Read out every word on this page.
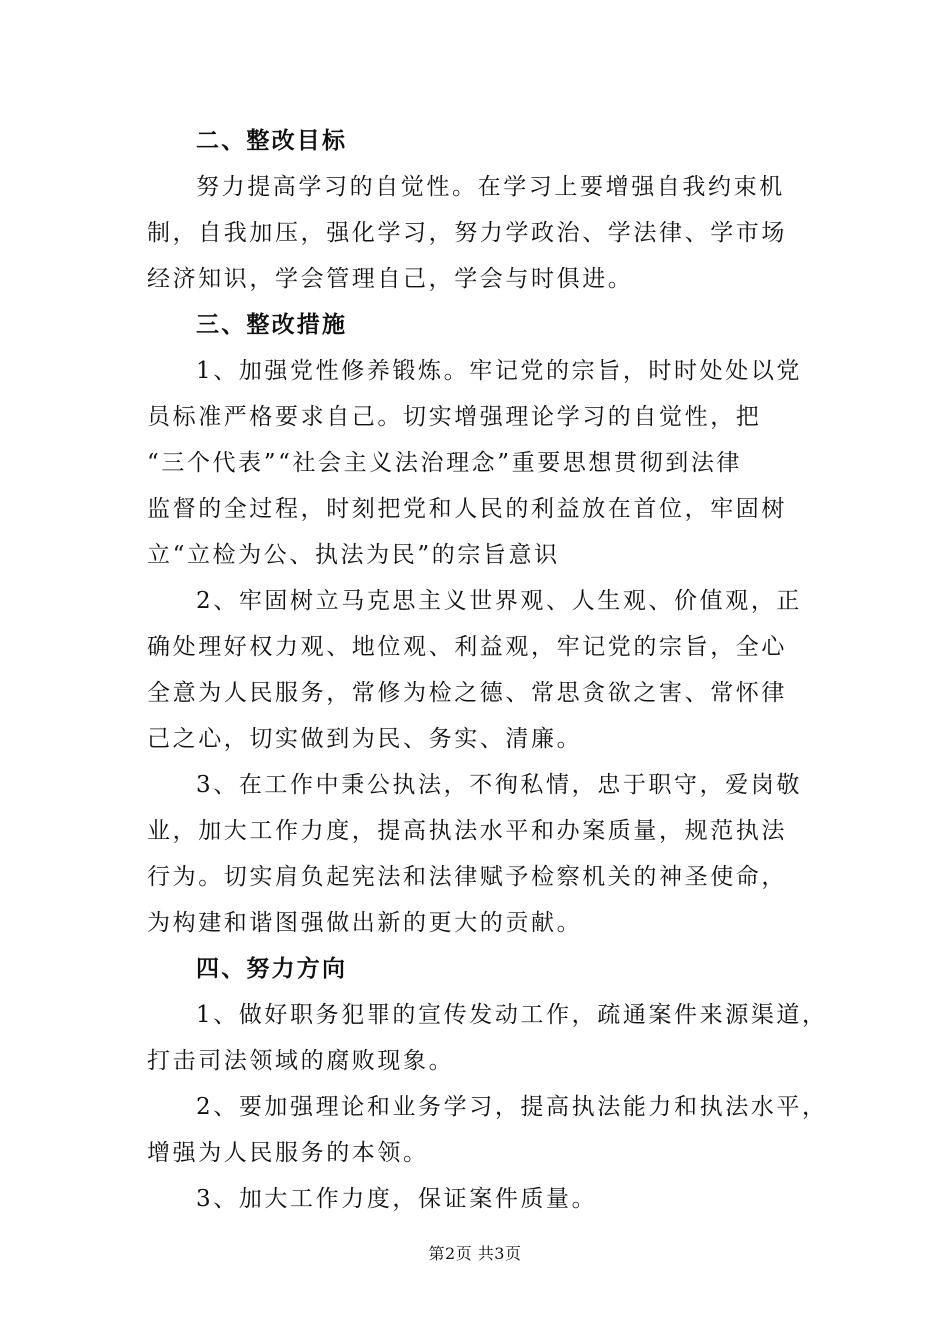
二、整改目标
努力提高学习的自觉性。在学习上要增强自我约束机
制，自我加压，强化学习，努力学政治、学法律、学市场
经济知识，学会管理自己，学会与时俱进。
三、整改措施
1、加强党性修养锻炼。牢记党的宗旨，时时处处以党
员标准严格要求自己。切实增强理论学习的自觉性，把
“三个代表”“社会主义法治理念”重要思想贯彻到法律
监督的全过程，时刻把党和人民的利益放在首位，牢固树
立“立检为公、执法为民”的宗旨意识
2、牢固树立马克思主义世界观、人生观、价值观，正
确处理好权力观、地位观、利益观，牢记党的宗旨，全心
全意为人民服务，常修为检之德、常思贪欲之害、常怀律
己之心，切实做到为民、务实、清廉。
3、在工作中秉公执法，不徇私情，忠于职守，爱岗敬
业，加大工作力度，提高执法水平和办案质量，规范执法
行为。切实肩负起宪法和法律赋予检察机关的神圣使命，
为构建和谐图强做出新的更大的贡献。
四、努力方向
1、做好职务犯罪的宣传发动工作，疏通案件来源渠道，
打击司法领域的腐败现象。
2、要加强理论和业务学习，提高执法能力和执法水平，
增强为人民服务的本领。
3、加大工作力度，保证案件质量。
第2页 共3页
